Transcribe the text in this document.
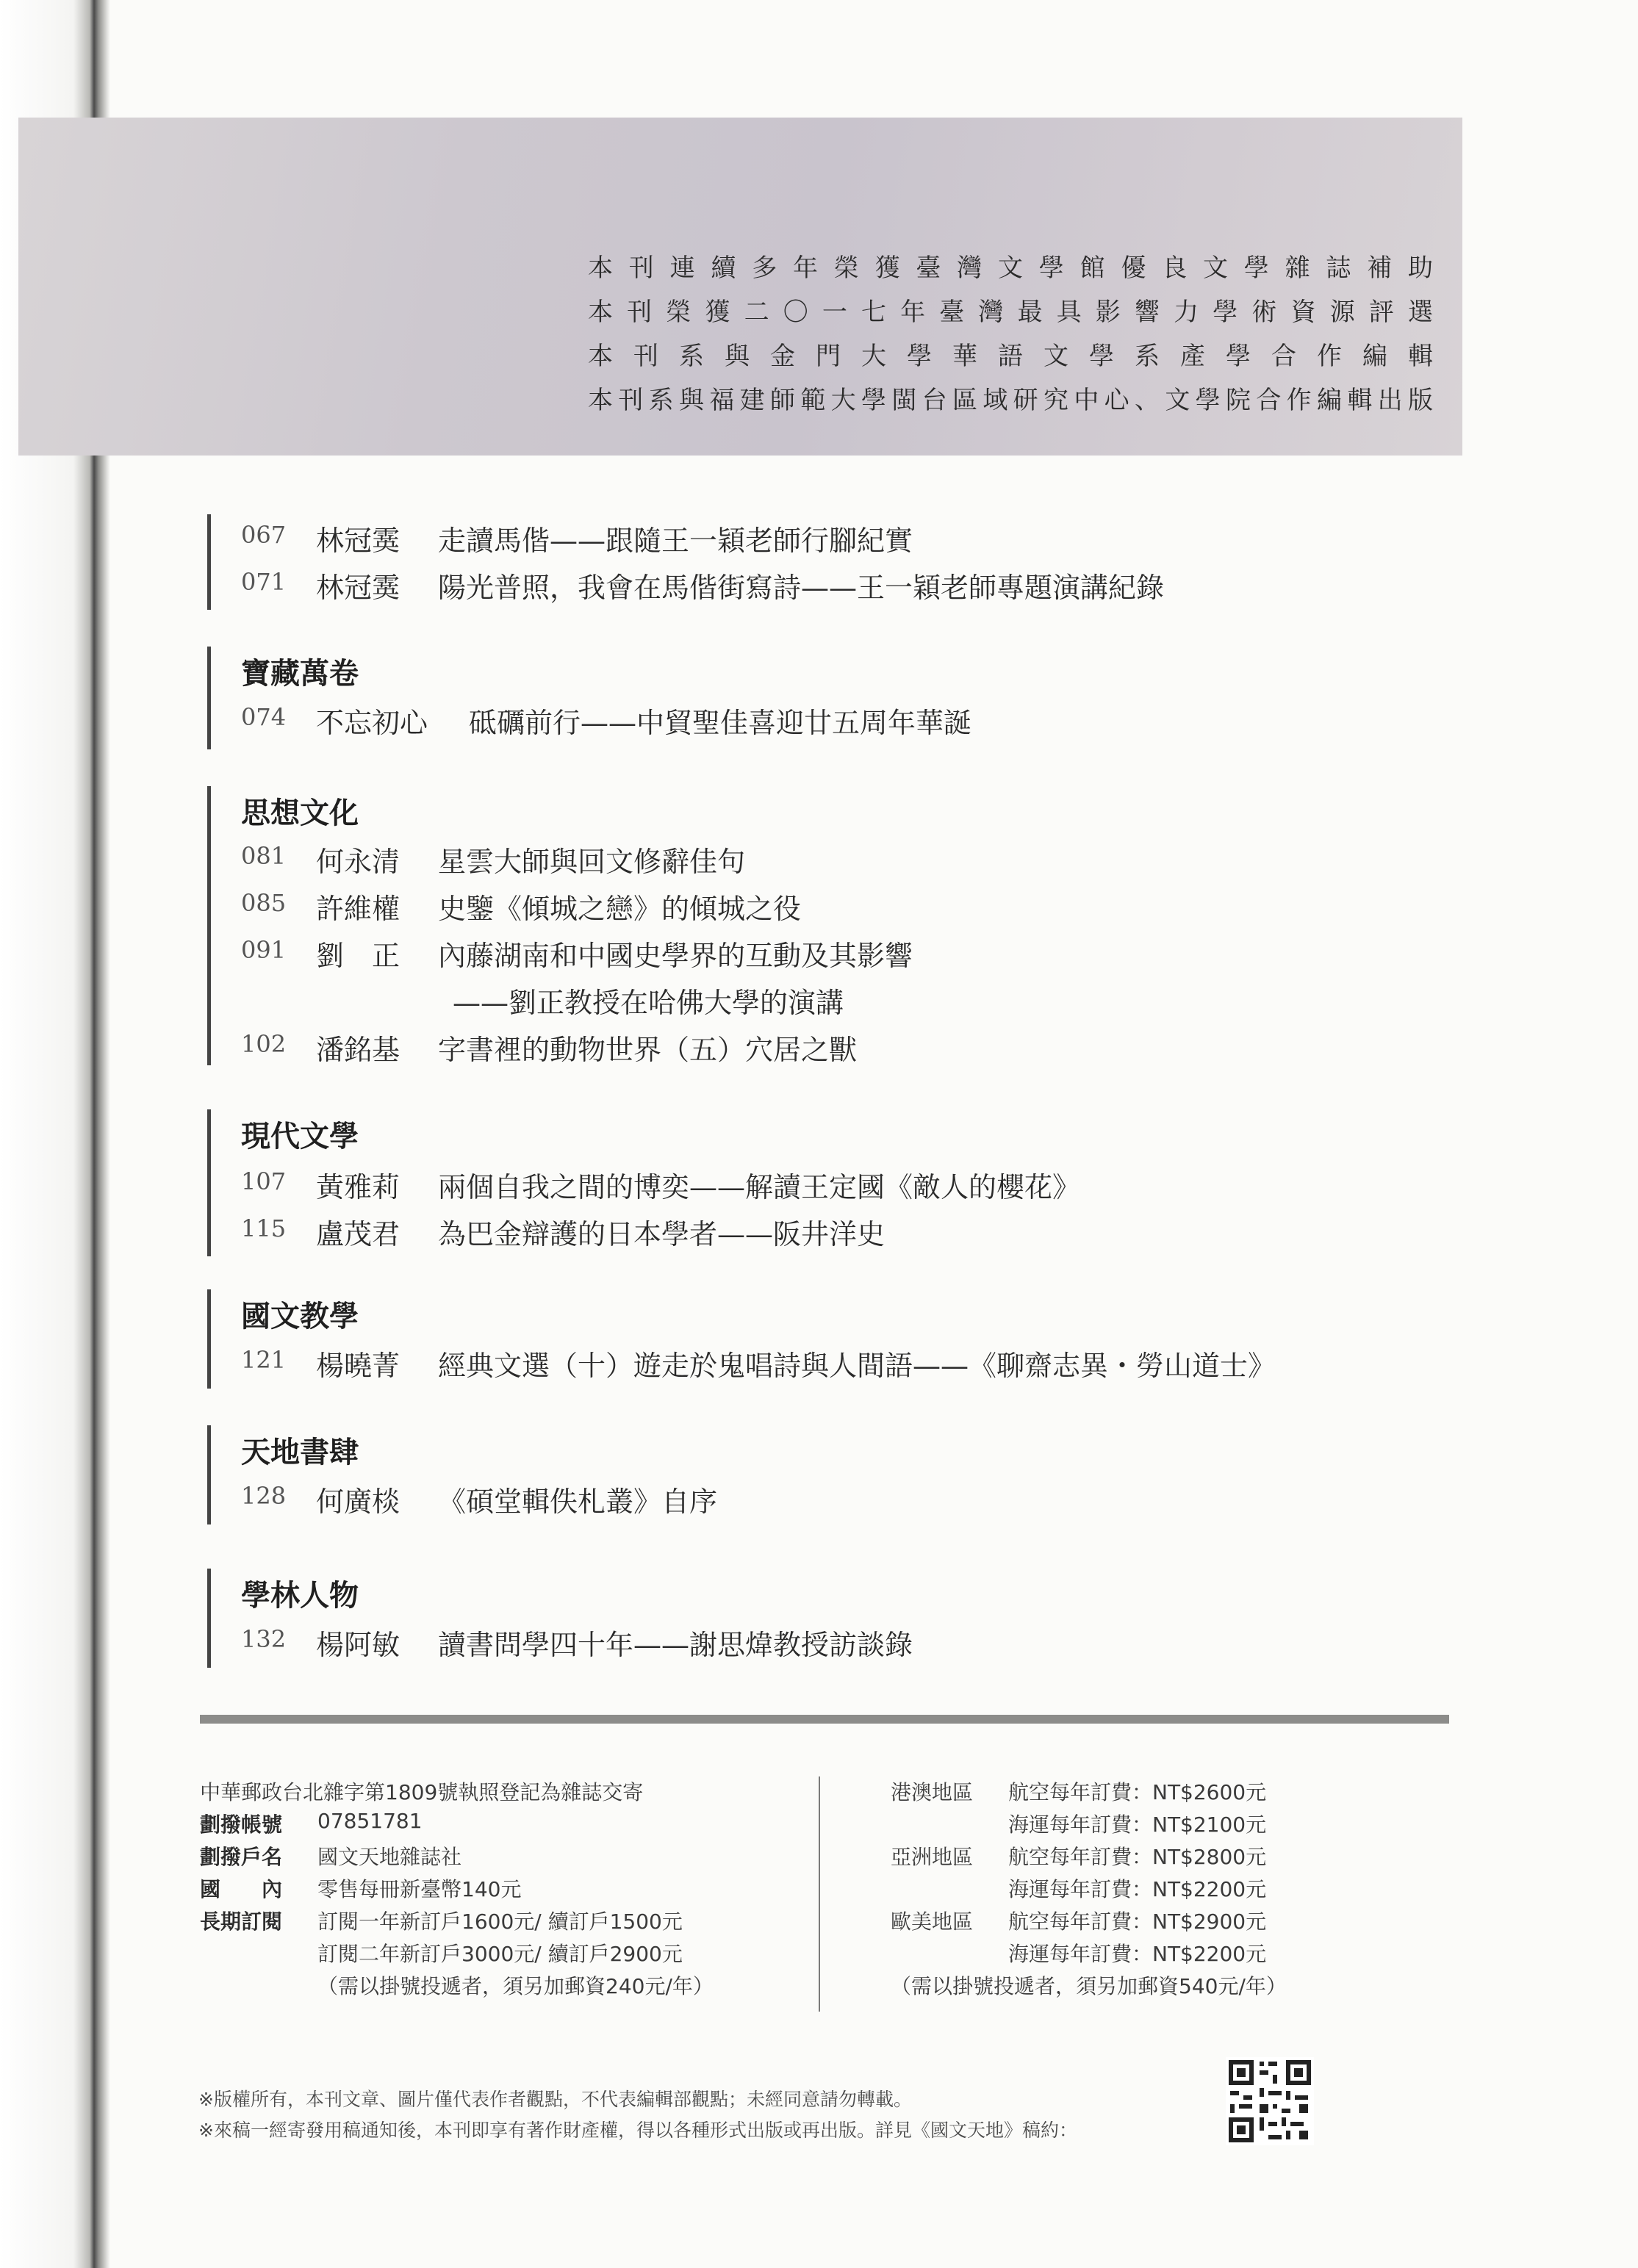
本刊連續多年榮獲臺灣文學館優良文學雜誌補助
本刊榮獲二〇一七年臺灣最具影響力學術資源評選
本刊系與金門大學華語文學系產學合作編輯
本刊系與福建師範大學閩台區域研究中心、文學院合作編輯出版
067 林冠霙 走讀馬偕——跟隨王一穎老師行腳紀實
071 林冠霙 陽光普照，我會在馬偕街寫詩——王一穎老師專題演講紀錄
寶藏萬卷
074 不忘初心 砥礪前行——中貿聖佳喜迎廿五周年華誕
思想文化
081 何永清 星雲大師與回文修辭佳句
085 許維權 史鑒《傾城之戀》的傾城之役
091 劉　正 內藤湖南和中國史學界的互動及其影響
——劉正教授在哈佛大學的演講
102 潘銘基 字書裡的動物世界（五）穴居之獸
現代文學
107 黃雅莉 兩個自我之間的博奕——解讀王定國《敵人的櫻花》
115 盧茂君 為巴金辯護的日本學者——阪井洋史
國文教學
121 楊曉菁 經典文選（十）遊走於鬼唱詩與人間語——《聊齋志異・勞山道士》
天地書肆
128 何廣棪 《碩堂輯佚札叢》自序
學林人物
132 楊阿敏 讀書問學四十年——謝思煒教授訪談錄
中華郵政台北雜字第1809號執照登記為雜誌交寄
劃撥帳號 07851781
劃撥戶名 國文天地雜誌社
國　　內 零售每冊新臺幣140元
長期訂閱 訂閱一年新訂戶1600元/ 續訂戶1500元
訂閱二年新訂戶3000元/ 續訂戶2900元
（需以掛號投遞者，須另加郵資240元/年）
港澳地區 航空每年訂費：NT$2600元
海運每年訂費：NT$2100元
亞洲地區 航空每年訂費：NT$2800元
海運每年訂費：NT$2200元
歐美地區 航空每年訂費：NT$2900元
海運每年訂費：NT$2200元
（需以掛號投遞者，須另加郵資540元/年）
※版權所有，本刊文章、圖片僅代表作者觀點，不代表編輯部觀點；未經同意請勿轉載。
※來稿一經寄發用稿通知後，本刊即享有著作財產權，得以各種形式出版或再出版。詳見《國文天地》稿約：
